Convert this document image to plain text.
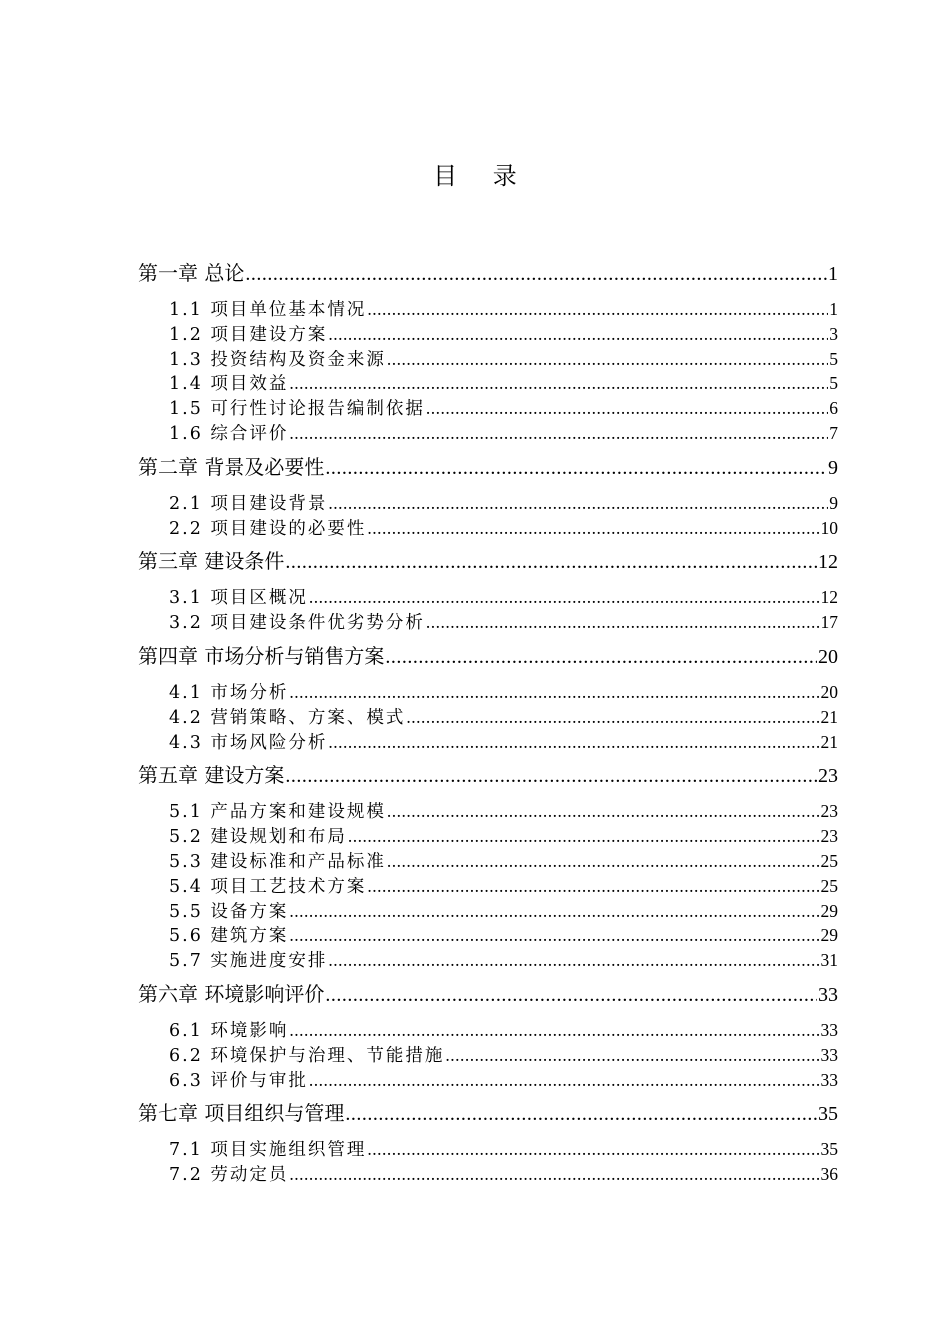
目 录
第一章 总论 .....	1
1.1 项目单位基本情况 .....	1
1.2 项目建设方案 .....	3
1.3 投资结构及资金来源 .....	5
1.4 项目效益 .....	5
1.5 可行性讨论报告编制依据 .....	6
1.6 综合评价 .....	7
第二章 背景及必要性 .....	9
2.1 项目建设背景 .....	9
2.2 项目建设的必要性 .....	10
第三章 建设条件 .....	12
3.1 项目区概况 .....	12
3.2 项目建设条件优劣势分析 .....	17
第四章 市场分析与销售方案 .....	20
4.1 市场分析 .....	20
4.2 营销策略、方案、模式 .....	21
4.3 市场风险分析 .....	21
第五章 建设方案 .....	23
5.1 产品方案和建设规模 .....	23
5.2 建设规划和布局 .....	23
5.3 建设标准和产品标准 .....	25
5.4 项目工艺技术方案 .....	25
5.5 设备方案 .....	29
5.6 建筑方案 .....	29
5.7 实施进度安排 .....	31
第六章 环境影响评价 .....	33
6.1 环境影响 .....	33
6.2 环境保护与治理、节能措施 .....	33
6.3 评价与审批 .....	33
第七章 项目组织与管理 .....	35
7.1 项目实施组织管理 .....	35
7.2 劳动定员 .....	36
